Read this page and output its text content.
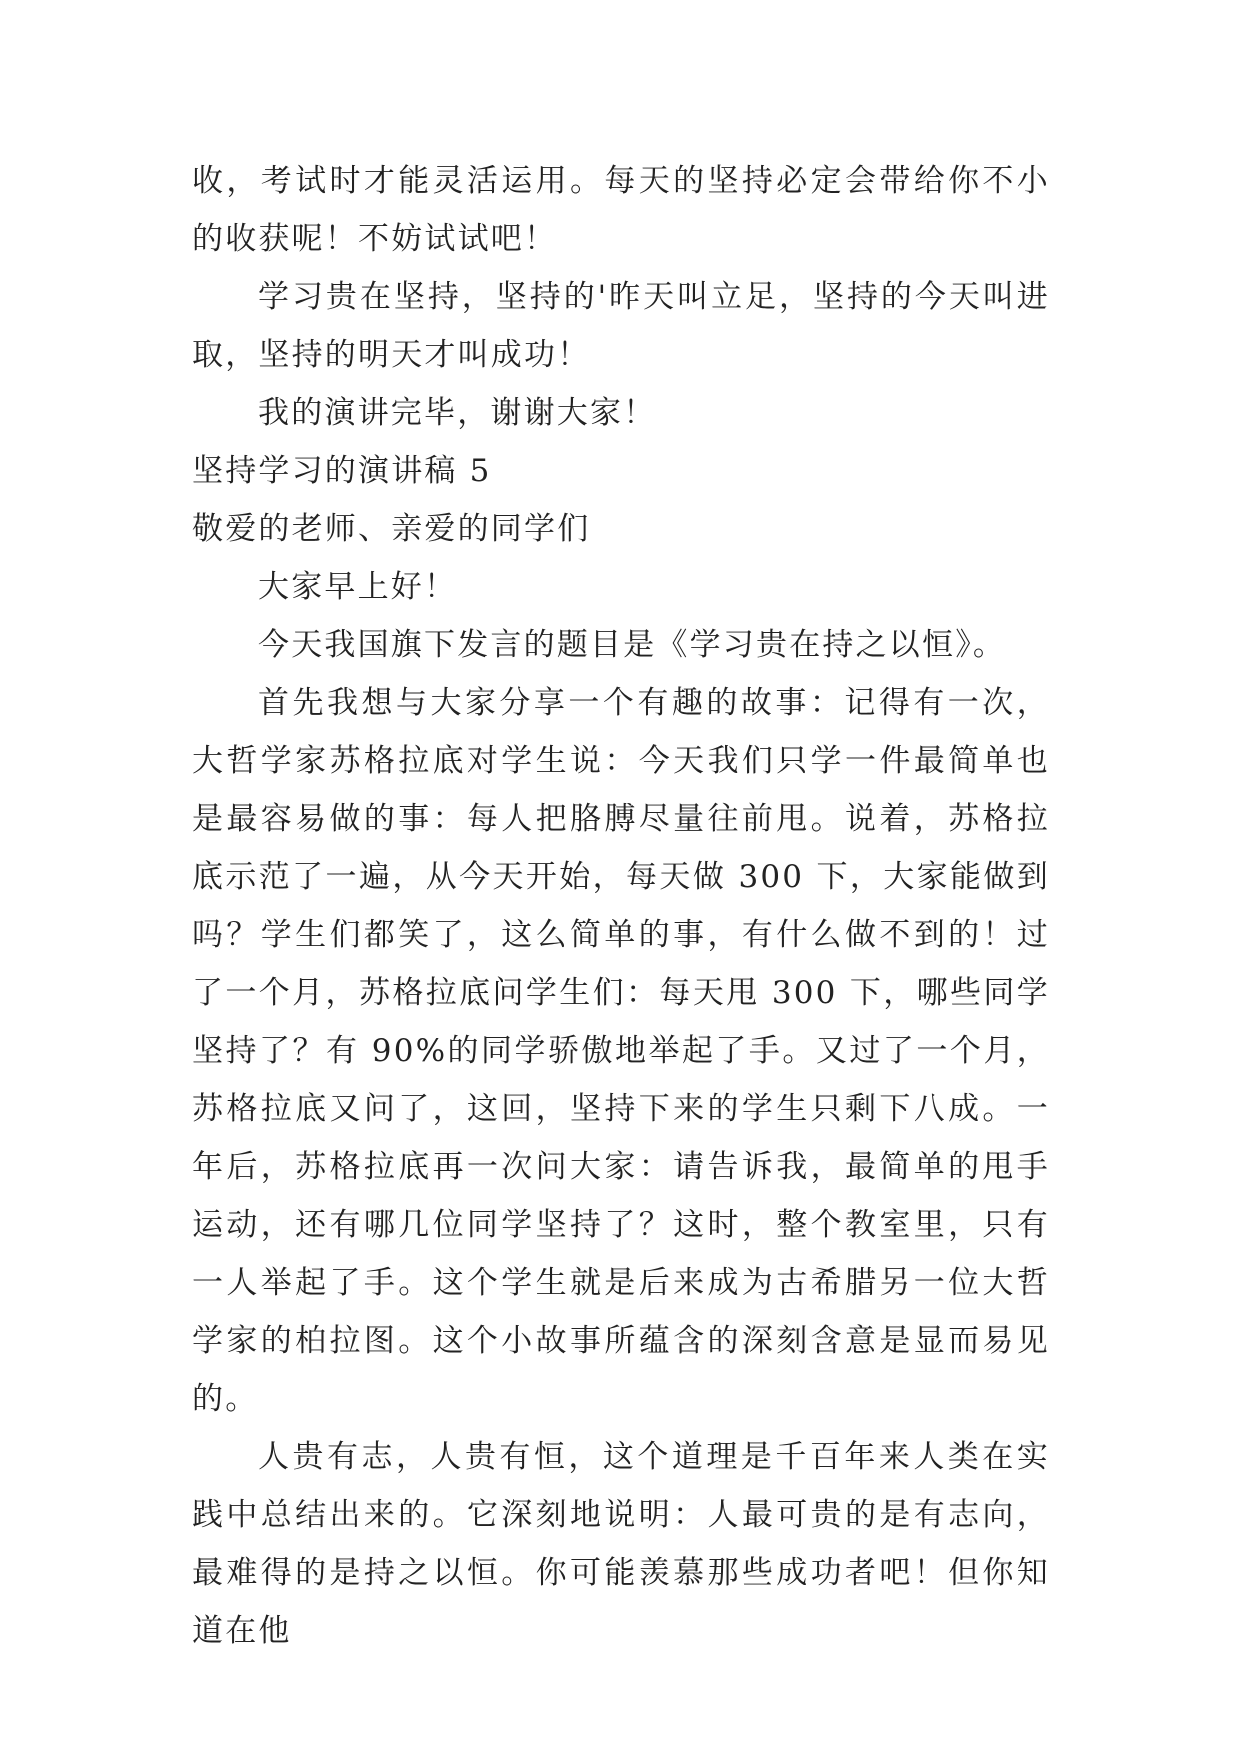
收，考试时才能灵活运用。每天的坚持必定会带给你不小的收获呢！不妨试试吧！

学习贵在坚持，坚持的'昨天叫立足，坚持的今天叫进取，坚持的明天才叫成功！

我的演讲完毕，谢谢大家！

坚持学习的演讲稿 5

敬爱的老师、亲爱的同学们

大家早上好！

今天我国旗下发言的题目是《学习贵在持之以恒》。

首先我想与大家分享一个有趣的故事：记得有一次，大哲学家苏格拉底对学生说：今天我们只学一件最简单也是最容易做的事：每人把胳膊尽量往前甩。说着，苏格拉底示范了一遍，从今天开始，每天做 300 下，大家能做到吗？学生们都笑了，这么简单的事，有什么做不到的！过了一个月，苏格拉底问学生们：每天甩 300 下，哪些同学坚持了？有 90%的同学骄傲地举起了手。又过了一个月，苏格拉底又问了，这回，坚持下来的学生只剩下八成。一年后，苏格拉底再一次问大家：请告诉我，最简单的甩手运动，还有哪几位同学坚持了？这时，整个教室里，只有一人举起了手。这个学生就是后来成为古希腊另一位大哲学家的柏拉图。这个小故事所蕴含的深刻含意是显而易见的。

人贵有志，人贵有恒，这个道理是千百年来人类在实践中总结出来的。它深刻地说明：人最可贵的是有志向，最难得的是持之以恒。你可能羡慕那些成功者吧！但你知道在他
